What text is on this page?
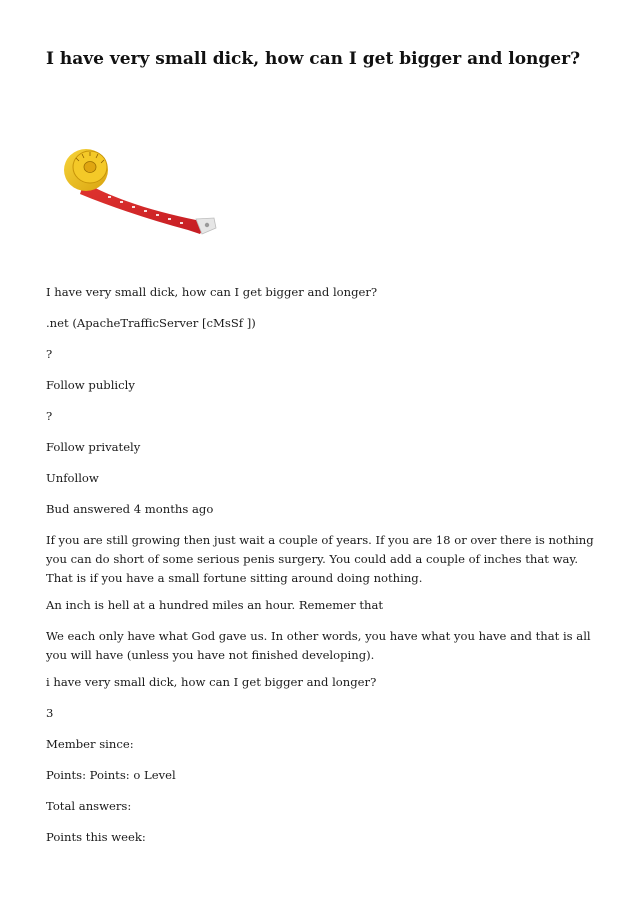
I have very small dick, how can I get bigger and longer?

I have very small dick, how can I get bigger and longer?

.net (ApacheTrafficServer [cMsSf ])

?

Follow publicly

?

Follow privately

Unfollow

Bud answered 4 months ago

If you are still growing then just wait a couple of years. If you are 18 or over there is nothing you can do short of some serious penis surgery. You could add a couple of inches that way. That is if you have a small fortune sitting around doing nothing.

An inch is hell at a hundred miles an hour. Rememer that

We each only have what God gave us. In other words, you have what you have and that is all you will have (unless you have not finished developing).

i have very small dick, how can I get bigger and longer?

3

Member since:

Points: Points: o Level

Total answers:

Points this week:
